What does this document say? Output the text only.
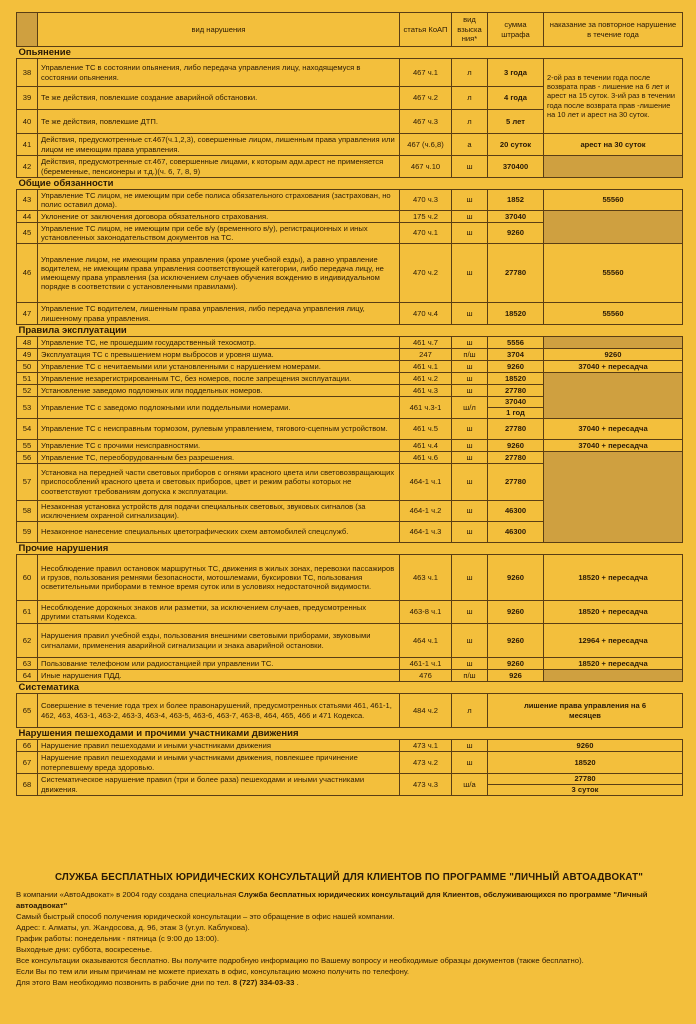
	вид нарушения	статья КоАП	вид взыска ния*	сумма штрафа	наказание за повторное нарушение в течение года
Опьянение					
38	Управление ТС в состоянии опьянения, либо передача управления лицу, находящемуся в состоянии опьянения.	467 ч.1	л	3 года	2-ой раз в течении года после возврата прав - лишение на 6 лет и арест на 15 суток. 3-ий раз в течении года после возврата прав -лишение на 10 лет и арест на 30 суток.
39	Те же действия, повлекшие создание аварийной обстановки.	467 ч.2	л	4 года	
40	Те же действия, повлекшие ДТП.	467 ч.3	л	5 лет	
41	Действия, предусмотренные ст.467(ч.1,2,3), совершенные лицом, лишенным права управления или лицом не имеющим права управления.	467 (ч.6,8)	а	20 суток	арест на 30 суток
42	Действия, предусмотренные ст.467, совершенные лицами, к которым адм.арест не применяется (беременные, пенсионеры и т.д.)(ч. 6, 7, 8, 9)	467 ч.10	ш	370400	
Общие обязанности					
43	Управление ТС лицом, не имеющим при себе полиса обязательного страхования (застрахован, но полис оставил дома).	470 ч.3	ш	1852	55560
44	Уклонение от заключения договора обязательного страхования.	175 ч.2	ш	37040	
45	Управление ТС лицом, не имеющим при себе в/у (временного в/у), регистрационных и иных установленных законодательством документов на ТС.	470 ч.1	ш	9260	
46	Управление лицом, не имеющим права управления (кроме учебной езды), а равно управление водителем, не имеющим права управления соответствующей категории, либо передача лицу, не имеющему права управления (за исключением случаев обучения вождению в индивидуальном порядке в соответствии с установленными правилами).	470 ч.2	ш	27780	55560
47	Управление ТС водителем, лишенным права управления, либо передача управления лицу, лишенному права управления.	470 ч.4	ш	18520	55560
Правила эксплуатации					
48	Управление ТС, не прошедшим государственный техосмотр.	461 ч.7	ш	5556	
49	Эксплуатация ТС с превышением норм выбросов и уровня шума.	247	п/ш	3704	9260
50	Управление ТС с нечитаемыми или установленными с нарушением номерами.	461 ч.1	ш	9260	37040 + пересадча
51	Управление незарегистрированным ТС, без номеров, после запрещения эксплуатации.	461 ч.2	ш	18520	
52	Установление заведомо подложных или поддельных номеров.	461 ч.3	ш	27780	
53	Управление ТС с заведомо подложными или поддельными номерами.	461 ч.3-1	ш/л	37040	
				1 год	
54	Управление ТС с неисправным тормозом, рулевым управлением, тягового-сцепным устройством.	461 ч.5	ш	27780	37040 + пересадча
55	Управление ТС с прочими неисправностями.	461 ч.4	ш	9260	37040 + пересадча
56	Управление ТС, переоборудованным без разрешения.	461 ч.6	ш	27780	
57	Установка на передней части световых приборов с огнями красного цвета или световозвращающих приспособлений красного цвета и световых приборов, цвет и режим работы которых не соответствуют требованиям допуска к эксплуатации.	464-1 ч.1	ш	27780	
58	Незаконная установка устройств для подачи специальных световых, звуковых сигналов (за исключением охранной сигнализации).	464-1 ч.2	ш	46300	
59	Незаконное нанесение специальных цветографических схем автомобилей спецслужб.	464-1 ч.3	ш	46300	
Прочие нарушения					
60	Несоблюдение правил остановок маршрутных ТС, движения в жилых зонах, перевозки пассажиров и грузов, пользования ремнями безопасности, мотошлемами, буксировки ТС, пользования осветительными приборами в темное время суток или в условиях недостаточной видимости.	463 ч.1	ш	9260	18520 + пересадча
61	Несоблюдение дорожных знаков или разметки, за исключением случаев, предусмотренных другими статьями Кодекса.	463-8 ч.1	ш	9260	18520 + пересадча
62	Нарушения правил учебной езды, пользования внешними световыми приборами, звуковыми сигналами, применения аварийной сигнализации и знака аварийной остановки.	464 ч.1	ш	9260	12964 + пересадча
63	Пользование телефоном или радиостанцией при управлении ТС.	461-1 ч.1	ш	9260	18520 + пересадча
64	Иные нарушения ПДД.	476	п/ш	926	
Систематика					
65	Совершение в течение года трех и более правонарушений, предусмотренных статьями 461, 461-1, 462, 463, 463-1, 463-2, 463-3, 463-4, 463-5, 463-6, 463-7, 463-8, 464, 465, 466 и 471 Кодекса.	484 ч.2	л	лишение права управления на 6 месяцев	
Нарушения пешеходами и прочими участниками движения					
66	Нарушение правил пешеходами и иными участниками движения	473 ч.1	ш	9260	
67	Нарушение правил пешеходами и иными участниками движения, повлекшее причинение потерпевшему вреда здоровью.	473 ч.2	ш	18520	
68	Систематическое нарушение правил (три и более раза) пешеходами и иными участниками движения.	473 ч.3	ш/а	27780	
				3 суток	
СЛУЖБА БЕСПЛАТНЫХ ЮРИДИЧЕСКИХ КОНСУЛЬТАЦИЙ ДЛЯ КЛИЕНТОВ ПО ПРОГРАММЕ "ЛИЧНЫЙ АВТОАДВОКАТ"
В компании «АвтоАдвокат» в 2004 году создана специальная Служба бесплатных юридических консультаций для Клиентов, обслуживающихся по программе "Личный автоадвокат"
Самый быстрый способ получения юридической консультации – это обращение в офис нашей компании.
Адрес: г. Алматы, ул. Жандосова, д. 96, этаж 3 (уг.ул. Каблукова).
График работы: понедельник - пятница (с 9:00 до 13:00).
Выходные дни: суббота, воскресенье.
Все консультации оказываются бесплатно. Вы получите подробную информацию по Вашему вопросу и необходимые образцы документов (также бесплатно).
Если Вы по тем или иным причинам не можете приехать в офис, консультацию можно получить по телефону.
Для этого Вам необходимо позвонить в рабочие дни по тел. 8 (727) 334-03-33 .
